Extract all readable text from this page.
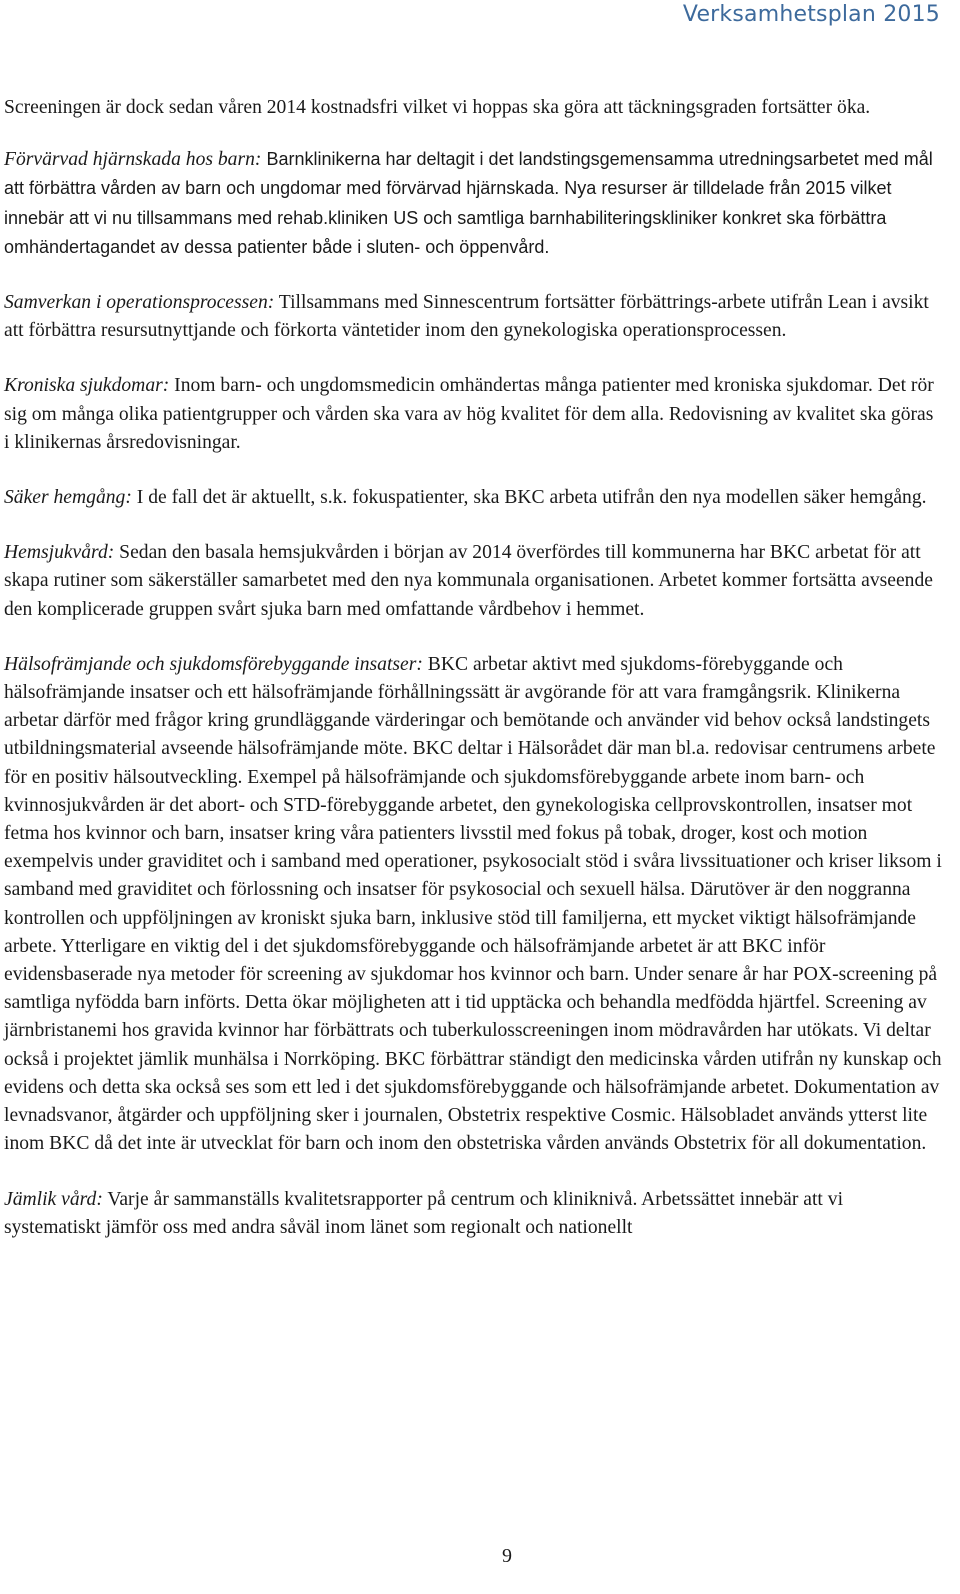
Verksamhetsplan 2015

Screeningen är dock sedan våren 2014 kostnadsfri vilket vi hoppas ska göra att täckningsgraden fortsätter öka.

Förvärvad hjärnskada hos barn: Barnklinikerna har deltagit i det landstingsgemensamma utredningsarbetet med mål att förbättra vården av barn och ungdomar med förvärvad hjärnskada. Nya resurser är tilldelade från 2015 vilket innebär att vi nu tillsammans med rehab.kliniken US och samtliga barnhabiliteringskliniker konkret ska förbättra omhändertagandet av dessa patienter både i sluten- och öppenvård.

Samverkan i operationsprocessen: Tillsammans med Sinnescentrum fortsätter förbättrings-arbete utifrån Lean i avsikt att förbättra resursutnyttjande och förkorta väntetider inom den gynekologiska operationsprocessen.

Kroniska sjukdomar: Inom barn- och ungdomsmedicin omhändertas många patienter med kroniska sjukdomar. Det rör sig om många olika patientgrupper och vården ska vara av hög kvalitet för dem alla. Redovisning av kvalitet ska göras i klinikernas årsredovisningar.

Säker hemgång: I de fall det är aktuellt, s.k. fokuspatienter, ska BKC arbeta utifrån den nya modellen säker hemgång.

Hemsjukvård: Sedan den basala hemsjukvården i början av 2014 överfördes till kommunerna har BKC arbetat för att skapa rutiner som säkerställer samarbetet med den nya kommunala organisationen. Arbetet kommer fortsätta avseende den komplicerade gruppen svårt sjuka barn med omfattande vårdbehov i hemmet.

Hälsofrämjande och sjukdomsförebyggande insatser: BKC arbetar aktivt med sjukdoms-förebyggande och hälsofrämjande insatser och ett hälsofrämjande förhållningssätt är avgörande för att vara framgångsrik. Klinikerna arbetar därför med frågor kring grundläggande värderingar och bemötande och använder vid behov också landstingets utbildningsmaterial avseende hälsofrämjande möte. BKC deltar i Hälsorådet där man bl.a. redovisar centrumens arbete för en positiv hälsoutveckling. Exempel på hälsofrämjande och sjukdomsförebyggande arbete inom barn- och kvinnosjukvården är det abort- och STD-förebyggande arbetet, den gynekologiska cellprovskontrollen, insatser mot fetma hos kvinnor och barn, insatser kring våra patienters livsstil med fokus på tobak, droger, kost och motion exempelvis under graviditet och i samband med operationer, psykosocialt stöd i svåra livssituationer och kriser liksom i samband med graviditet och förlossning och insatser för psykosocial och sexuell hälsa. Därutöver är den noggranna kontrollen och uppföljningen av kroniskt sjuka barn, inklusive stöd till familjerna, ett mycket viktigt hälsofrämjande arbete. Ytterligare en viktig del i det sjukdomsförebyggande och hälsofrämjande arbetet är att BKC inför evidensbaserade nya metoder för screening av sjukdomar hos kvinnor och barn. Under senare år har POX-screening på samtliga nyfödda barn införts. Detta ökar möjligheten att i tid upptäcka och behandla medfödda hjärtfel. Screening av järnbristanemi hos gravida kvinnor har förbättrats och tuberkulosscreeningen inom mödravården har utökats. Vi deltar också i projektet jämlik munhälsa i Norrköping. BKC förbättrar ständigt den medicinska vården utifrån ny kunskap och evidens och detta ska också ses som ett led i det sjukdomsförebyggande och hälsofrämjande arbetet. Dokumentation av levnadsvanor, åtgärder och uppföljning sker i journalen, Obstetrix respektive Cosmic. Hälsobladet används ytterst lite inom BKC då det inte är utvecklat för barn och inom den obstetriska vården används Obstetrix för all dokumentation.

Jämlik vård: Varje år sammanställs kvalitetsrapporter på centrum och kliniknivå. Arbetssättet innebär att vi systematiskt jämför oss med andra såväl inom länet som regionalt och nationellt

9
